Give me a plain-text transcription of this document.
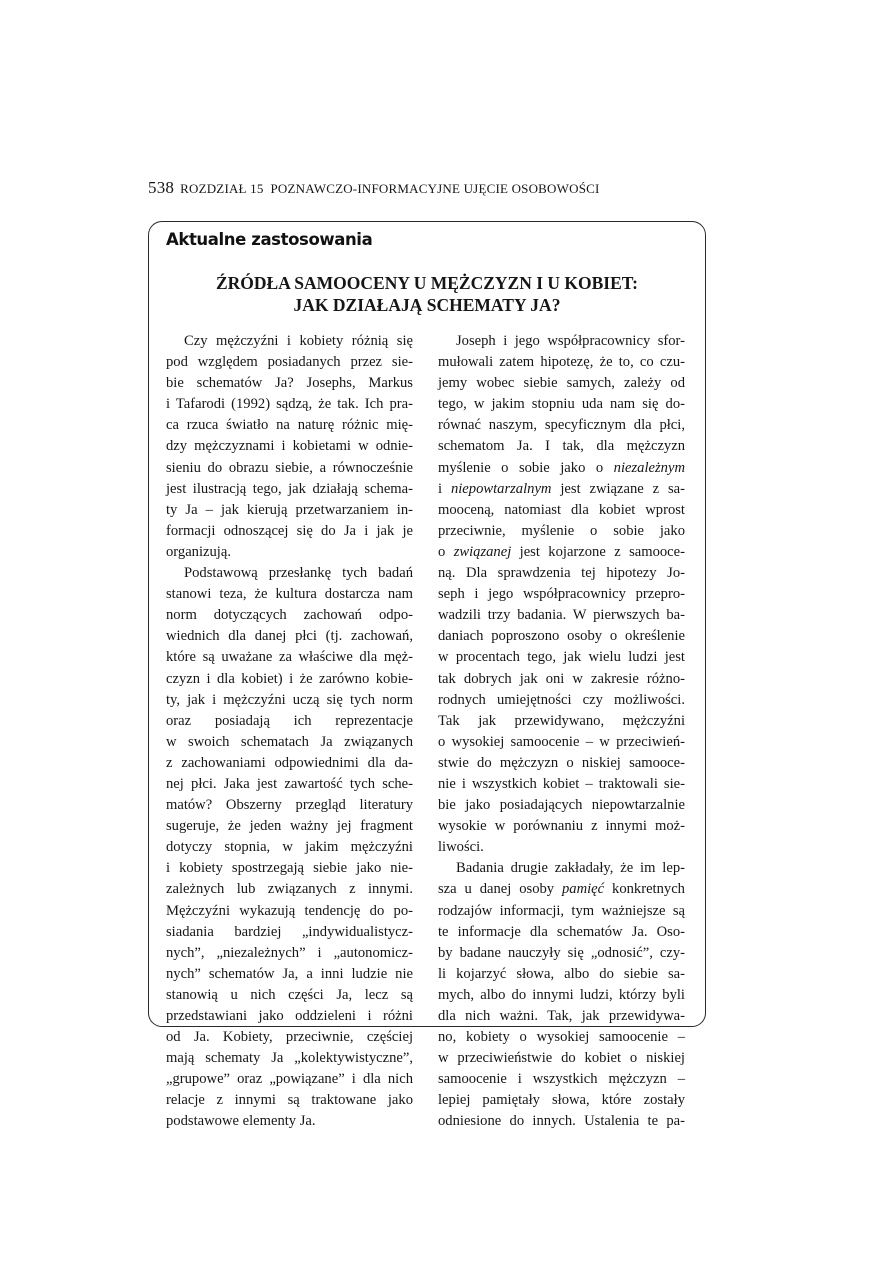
538 ROZDZIAŁ 15  POZNAWCZO-INFORMACYJNE UJĘCIE OSOBOWOŚCI
Aktualne zastosowania
ŹRÓDŁA SAMOOCENY U MĘŻCZYZN I U KOBIET:
JAK DZIAŁAJĄ SCHEMATY JA?
Czy mężczyźni i kobiety różnią się
pod względem posiadanych przez sie-
bie schematów Ja? Josephs, Markus
i Tafarodi (1992) sądzą, że tak. Ich pra-
ca rzuca światło na naturę różnic mię-
dzy mężczyznami i kobietami w odnie-
sieniu do obrazu siebie, a równocześnie
jest ilustracją tego, jak działają schema-
ty Ja – jak kierują przetwarzaniem in-
formacji odnoszącej się do Ja i jak je
organizują.
Podstawową przesłankę tych badań
stanowi teza, że kultura dostarcza nam
norm dotyczących zachowań odpo-
wiednich dla danej płci (tj. zachowań,
które są uważane za właściwe dla męż-
czyzn i dla kobiet) i że zarówno kobie-
ty, jak i mężczyźni uczą się tych norm
oraz posiadają ich reprezentacje
w swoich schematach Ja związanych
z zachowaniami odpowiednimi dla da-
nej płci. Jaka jest zawartość tych sche-
matów? Obszerny przegląd literatury
sugeruje, że jeden ważny jej fragment
dotyczy stopnia, w jakim mężczyźni
i kobiety spostrzegają siebie jako nie-
zależnych lub związanych z innymi.
Mężczyźni wykazują tendencję do po-
siadania bardziej „indywidualistycz-
nych”, „niezależnych” i „autonomicz-
nych” schematów Ja, a inni ludzie nie
stanowią u nich części Ja, lecz są
przedstawiani jako oddzieleni i różni
od Ja. Kobiety, przeciwnie, częściej
mają schematy Ja „kolektywistyczne”,
„grupowe” oraz „powiązane” i dla nich
relacje z innymi są traktowane jako
podstawowe elementy Ja.
Joseph i jego współpracownicy sfor-
mułowali zatem hipotezę, że to, co czu-
jemy wobec siebie samych, zależy od
tego, w jakim stopniu uda nam się do-
równać naszym, specyficznym dla płci,
schematom Ja. I tak, dla mężczyzn
myślenie o sobie jako o niezależnym
i niepowtarzalnym jest związane z sa-
mooceną, natomiast dla kobiet wprost
przeciwnie, myślenie o sobie jako
o związanej jest kojarzone z samooce-
ną. Dla sprawdzenia tej hipotezy Jo-
seph i jego współpracownicy przepro-
wadzili trzy badania. W pierwszych ba-
daniach poproszono osoby o określenie
w procentach tego, jak wielu ludzi jest
tak dobrych jak oni w zakresie różno-
rodnych umiejętności czy możliwości.
Tak jak przewidywano, mężczyźni
o wysokiej samoocenie – w przeciwień-
stwie do mężczyzn o niskiej samooce-
nie i wszystkich kobiet – traktowali sie-
bie jako posiadających niepowtarzalnie
wysokie w porównaniu z innymi moż-
liwości.
Badania drugie zakładały, że im lep-
sza u danej osoby pamięć konkretnych
rodzajów informacji, tym ważniejsze są
te informacje dla schematów Ja. Oso-
by badane nauczyły się „odnosić”, czy-
li kojarzyć słowa, albo do siebie sa-
mych, albo do innymi ludzi, którzy byli
dla nich ważni. Tak, jak przewidywa-
no, kobiety o wysokiej samoocenie –
w przeciwieństwie do kobiet o niskiej
samoocenie i wszystkich mężczyzn –
lepiej pamiętały słowa, które zostały
odniesione do innych. Ustalenia te pa-
